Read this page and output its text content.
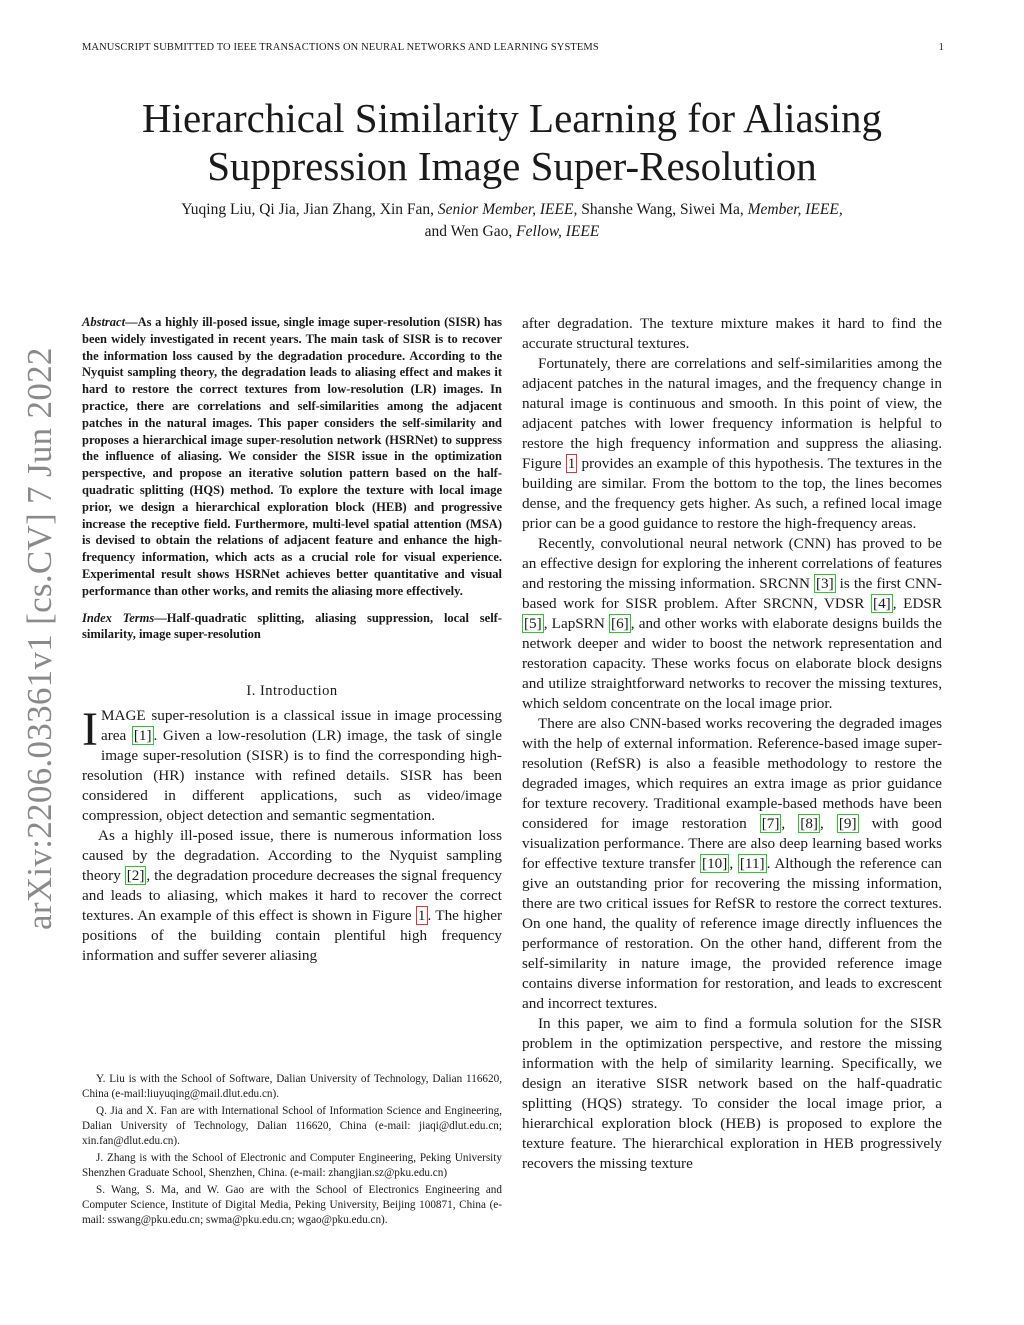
MANUSCRIPT SUBMITTED TO IEEE TRANSACTIONS ON NEURAL NETWORKS AND LEARNING SYSTEMS	1
arXiv:2206.03361v1 [cs.CV] 7 Jun 2022
Hierarchical Similarity Learning for Aliasing
Suppression Image Super-Resolution
Yuqing Liu, Qi Jia, Jian Zhang, Xin Fan, Senior Member, IEEE, Shanshe Wang, Siwei Ma, Member, IEEE,
and Wen Gao, Fellow, IEEE
Abstract—As a highly ill-posed issue, single image super-resolution (SISR) has been widely investigated in recent years. The main task of SISR is to recover the information loss caused by the degradation procedure. According to the Nyquist sampling theory, the degradation leads to aliasing effect and makes it hard to restore the correct textures from low-resolution (LR) images. In practice, there are correlations and self-similarities among the adjacent patches in the natural images. This paper considers the self-similarity and proposes a hierarchical image super-resolution network (HSRNet) to suppress the influence of aliasing. We consider the SISR issue in the optimization perspective, and propose an iterative solution pattern based on the half-quadratic splitting (HQS) method. To explore the texture with local image prior, we design a hierarchical exploration block (HEB) and progressive increase the receptive field. Furthermore, multi-level spatial attention (MSA) is devised to obtain the relations of adjacent feature and enhance the high-frequency information, which acts as a crucial role for visual experience. Experimental result shows HSRNet achieves better quantitative and visual performance than other works, and remits the aliasing more effectively.
Index Terms—Half-quadratic splitting, aliasing suppression, local self-similarity, image super-resolution
I. Introduction

IMAGE super-resolution is a classical issue in image processing area [1] . Given a low-resolution (LR) image, the task of single image super-resolution (SISR) is to find the corresponding high-resolution (HR) instance with refined details. SISR has been considered in different applications, such as video/image compression, object detection and semantic segmentation.

As a highly ill-posed issue, there is numerous information loss caused by the degradation. According to the Nyquist sampling theory [2] , the degradation procedure decreases the signal frequency and leads to aliasing, which makes it hard to recover the correct textures. An example of this effect is shown in Figure 1 . The higher positions of the building contain plentiful high frequency information and suffer severer aliasing

Y. Liu is with the School of Software, Dalian University of Technology, Dalian 116620, China (e-mail:liuyuqing@mail.dlut.edu.cn).

Q. Jia and X. Fan are with International School of Information Science and Engineering, Dalian University of Technology, Dalian 116620, China (e-mail: jiaqi@dlut.edu.cn; xin.fan@dlut.edu.cn).

J. Zhang is with the School of Electronic and Computer Engineering, Peking University Shenzhen Graduate School, Shenzhen, China. (e-mail: zhangjian.sz@pku.edu.cn)

S. Wang, S. Ma, and W. Gao are with the School of Electronics Engineering and Computer Science, Institute of Digital Media, Peking University, Beijing 100871, China (e-mail: sswang@pku.edu.cn; swma@pku.edu.cn; wgao@pku.edu.cn).

after degradation. The texture mixture makes it hard to find the accurate structural textures.

Fortunately, there are correlations and self-similarities among the adjacent patches in the natural images, and the frequency change in natural image is continuous and smooth. In this point of view, the adjacent patches with lower frequency information is helpful to restore the high frequency information and suppress the aliasing. Figure 1 provides an example of this hypothesis. The textures in the building are similar. From the bottom to the top, the lines becomes dense, and the frequency gets higher. As such, a refined local image prior can be a good guidance to restore the high-frequency areas.

Recently, convolutional neural network (CNN) has proved to be an effective design for exploring the inherent correlations of features and restoring the missing information. SRCNN [3] is the first CNN-based work for SISR problem. After SRCNN, VDSR [4] , EDSR [5] , LapSRN [6] , and other works with elaborate designs builds the network deeper and wider to boost the network representation and restoration capacity. These works focus on elaborate block designs and utilize straightforward networks to recover the missing textures, which seldom concentrate on the local image prior.

There are also CNN-based works recovering the degraded images with the help of external information. Reference-based image super-resolution (RefSR) is also a feasible methodology to restore the degraded images, which requires an extra image as prior guidance for texture recovery. Traditional example-based methods have been considered for image restoration [7] , [8] , [9] with good visualization performance. There are also deep learning based works for effective texture transfer [10] , [11] . Although the reference can give an outstanding prior for recovering the missing information, there are two critical issues for RefSR to restore the correct textures. On one hand, the quality of reference image directly influences the performance of restoration. On the other hand, different from the self-similarity in nature image, the provided reference image contains diverse information for restoration, and leads to excrescent and incorrect textures.

In this paper, we aim to find a formula solution for the SISR problem in the optimization perspective, and restore the missing information with the help of similarity learning. Specifically, we design an iterative SISR network based on the half-quadratic splitting (HQS) strategy. To consider the local image prior, a hierarchical exploration block (HEB) is proposed to explore the texture feature. The hierarchical exploration in HEB progressively recovers the missing texture
